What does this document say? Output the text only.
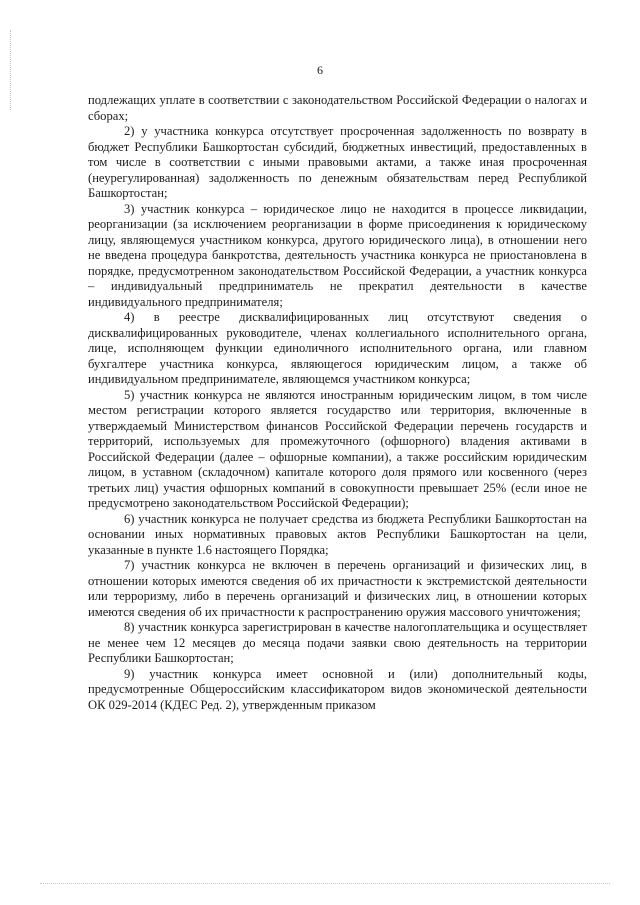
6

подлежащих уплате в соответствии с законодательством Российской Федерации о налогах и сборах;

2) у участника конкурса отсутствует просроченная задолженность по возврату в бюджет Республики Башкортостан субсидий, бюджетных инвестиций, предоставленных в том числе в соответствии с иными правовыми актами, а также иная просроченная (неурегулированная) задолженность по денежным обязательствам перед Республикой Башкортостан;

3) участник конкурса – юридическое лицо не находится в процессе ликвидации, реорганизации (за исключением реорганизации в форме присоединения к юридическому лицу, являющемуся участником конкурса, другого юридического лица), в отношении него не введена процедура банкротства, деятельность участника конкурса не приостановлена в порядке, предусмотренном законодательством Российской Федерации, а участник конкурса – индивидуальный предприниматель не прекратил деятельности в качестве индивидуального предпринимателя;

4) в реестре дисквалифицированных лиц отсутствуют сведения о дисквалифицированных руководителе, членах коллегиального исполнительного органа, лице, исполняющем функции единоличного исполнительного органа, или главном бухгалтере участника конкурса, являющегося юридическим лицом, а также об индивидуальном предпринимателе, являющемся участником конкурса;

5) участник конкурса не являются иностранным юридическим лицом, в том числе местом регистрации которого является государство или территория, включенные в утверждаемый Министерством финансов Российской Федерации перечень государств и территорий, используемых для промежуточного (офшорного) владения активами в Российской Федерации (далее – офшорные компании), а также российским юридическим лицом, в уставном (складочном) капитале которого доля прямого или косвенного (через третьих лиц) участия офшорных компаний в совокупности превышает 25% (если иное не предусмотрено законодательством Российской Федерации);

6) участник конкурса не получает средства из бюджета Республики Башкортостан на основании иных нормативных правовых актов Республики Башкортостан на цели, указанные в пункте 1.6 настоящего Порядка;

7) участник конкурса не включен в перечень организаций и физических лиц, в отношении которых имеются сведения об их причастности к экстремистской деятельности или терроризму, либо в перечень организаций и физических лиц, в отношении которых имеются сведения об их причастности к распространению оружия массового уничтожения;

8) участник конкурса зарегистрирован в качестве налогоплательщика и осуществляет не менее чем 12 месяцев до месяца подачи заявки свою деятельность на территории Республики Башкортостан;

9) участник конкурса имеет основной и (или) дополнительный коды, предусмотренные Общероссийским классификатором видов экономической деятельности ОК 029-2014 (КДЕС Ред. 2), утвержденным приказом
